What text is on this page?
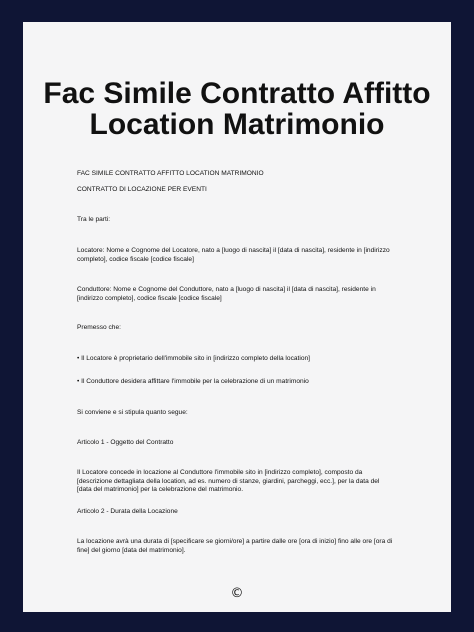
Fac Simile Contratto Affitto
Location Matrimonio

FAC SIMILE CONTRATTO AFFITTO LOCATION MATRIMONIO

CONTRATTO DI LOCAZIONE PER EVENTI

Tra le parti:

Locatore: Nome e Cognome del Locatore, nato a [luogo di nascita] il [data di nascita], residente in [indirizzo completo], codice fiscale [codice fiscale]

Conduttore: Nome e Cognome del Conduttore, nato a [luogo di nascita] il [data di nascita], residente in [indirizzo completo], codice fiscale [codice fiscale]

Premesso che:

• Il Locatore è proprietario dell'immobile sito in [indirizzo completo della location]

• Il Conduttore desidera affittare l'immobile per la celebrazione di un matrimonio

Si conviene e si stipula quanto segue:

Articolo 1 - Oggetto del Contratto

Il Locatore concede in locazione al Conduttore l'immobile sito in [indirizzo completo], composto da [descrizione dettagliata della location, ad es. numero di stanze, giardini, parcheggi, ecc.], per la data del [data del matrimonio] per la celebrazione del matrimonio.

Articolo 2 - Durata della Locazione

La locazione avrà una durata di [specificare se giorni/ore] a partire dalle ore [ora di inizio] fino alle ore [ora di fine] del giorno [data del matrimonio].

©
